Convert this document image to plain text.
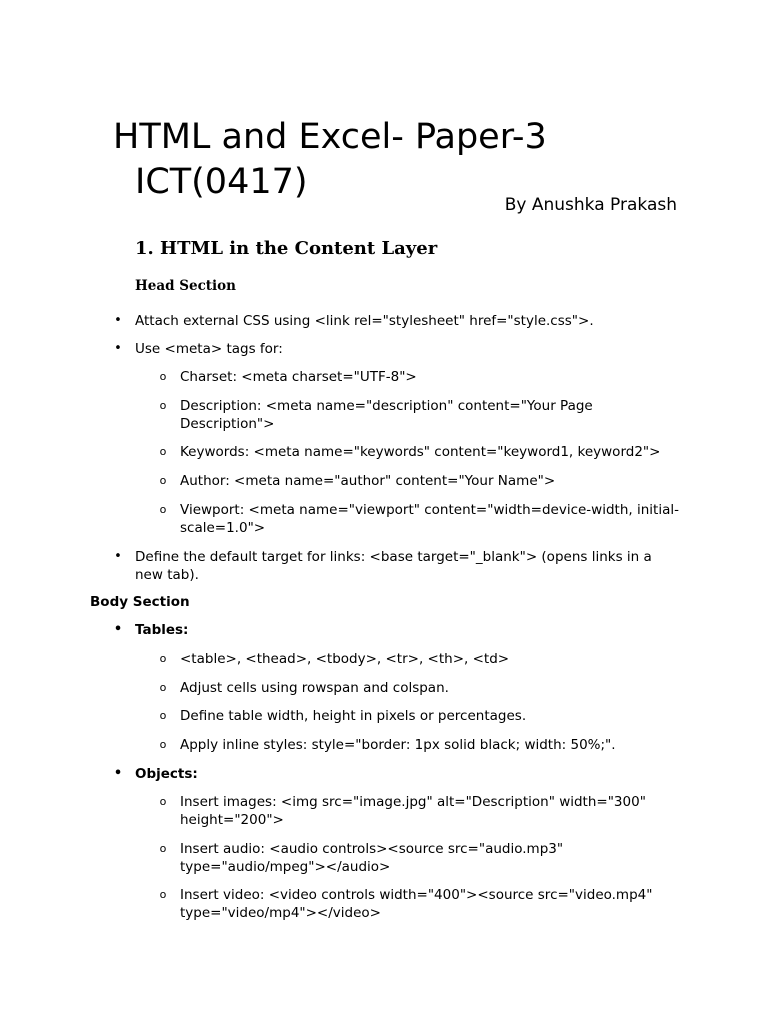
HTML and Excel- Paper-3
ICT(0417)
By Anushka Prakash
1. HTML in the Content Layer
Head Section
• Attach external CSS using <link rel="stylesheet" href="style.css">.
• Use <meta> tags for:
o Charset: <meta charset="UTF-8">
o Description: <meta name="description" content="Your Page Description">
o Keywords: <meta name="keywords" content="keyword1, keyword2">
o Author: <meta name="author" content="Your Name">
o Viewport: <meta name="viewport" content="width=device-width, initial-scale=1.0">
• Define the default target for links: <base target="_blank"> (opens links in a new tab).
Body Section
• Tables:
o <table>, <thead>, <tbody>, <tr>, <th>, <td>
o Adjust cells using rowspan and colspan.
o Define table width, height in pixels or percentages.
o Apply inline styles: style="border: 1px solid black; width: 50%;".
• Objects:
o Insert images: <img src="image.jpg" alt="Description" width="300" height="200">
o Insert audio: <audio controls><source src="audio.mp3" type="audio/mpeg"></audio>
o Insert video: <video controls width="400"><source src="video.mp4" type="video/mp4"></video>
